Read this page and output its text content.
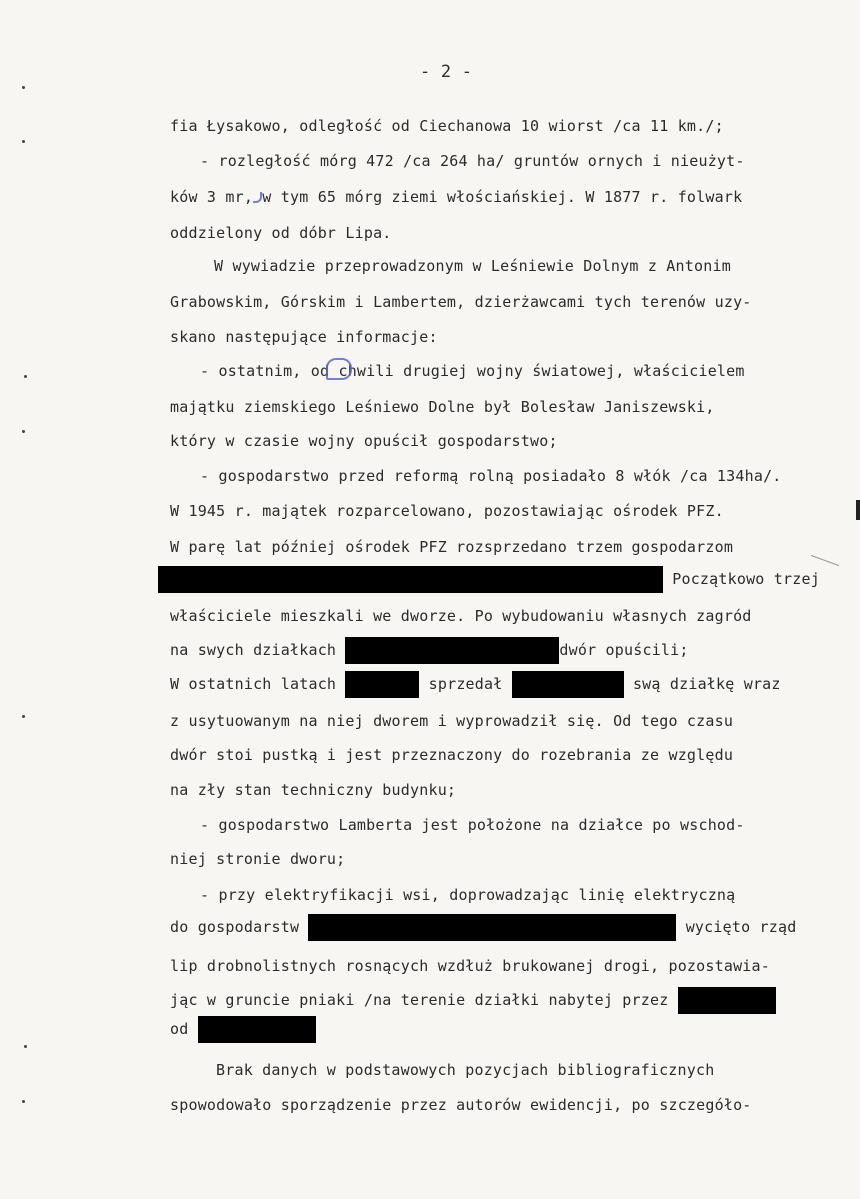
- 2 -
fia Łysakowo, odległość od Ciechanowa 10 wiorst /ca 11 km./;
- rozległość mórg 472 /ca 264 ha/ gruntów ornych i nieużyt-
ków 3 mr, w tym 65 mórg ziemi włościańskiej. W 1877 r. folwark
oddzielony od dóbr Lipa.
W wywiadzie przeprowadzonym w Leśniewie Dolnym z Antonim
Grabowskim, Górskim i Lambertem, dzierżawcami tych terenów uzy-
skano następujące informacje:
- ostatnim, od chwili drugiej wojny światowej, właścicielem
majątku ziemskiego Leśniewo Dolne był Bolesław Janiszewski,
który w czasie wojny opuścił gospodarstwo;
- gospodarstwo przed reformą rolną posiadało 8 włók /ca 134ha/.
W 1945 r. majątek rozparcelowano, pozostawiając ośrodek PFZ.
W parę lat później ośrodek PFZ rozsprzedano trzem gospodarzom
Początkowo trzej
właściciele mieszkali we dworze. Po wybudowaniu własnych zagród
na swych działkach	dwór opuścili;
W ostatnich latach	sprzedał	swą działkę wraz
z usytuowanym na niej dworem i wyprowadził się. Od tego czasu
dwór stoi pustką i jest przeznaczony do rozebrania ze względu
na zły stan techniczny budynku;
- gospodarstwo Lamberta jest położone na działce po wschod-
niej stronie dworu;
- przy elektryfikacji wsi, doprowadzając linię elektryczną
do gospodarstw	wycięto rząd
lip drobnolistnych rosnących wzdłuż brukowanej drogi, pozostawia-
jąc w gruncie pniaki /na terenie działki nabytej przez
od
Brak danych w podstawowych pozycjach bibliograficznych
spowodowało sporządzenie przez autorów ewidencji, po szczegóło-
